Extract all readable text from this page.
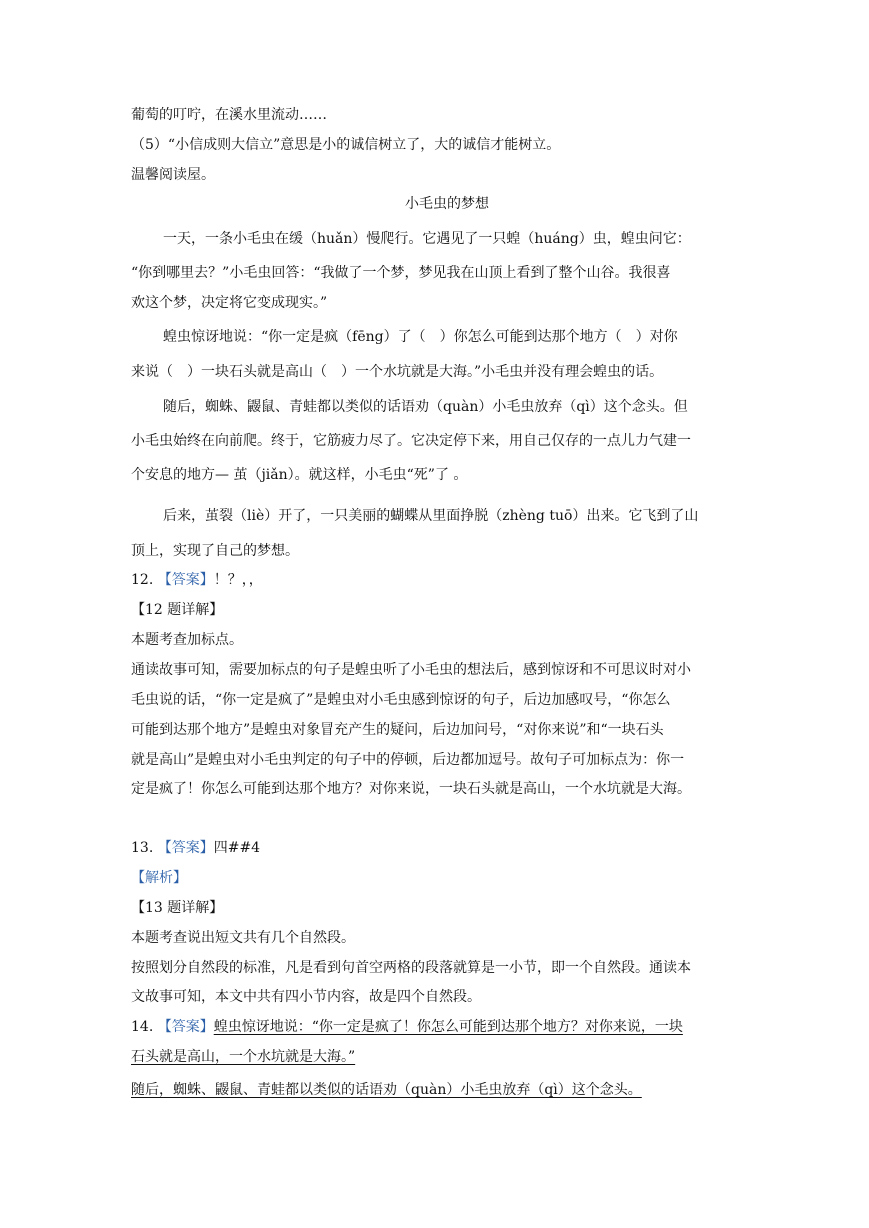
葡萄的叮咛，在溪水里流动……
（5）“小信成则大信立”意思是小的诚信树立了，大的诚信才能树立。
温馨阅读屋。
小毛虫的梦想
一天，一条小毛虫在缓（huǎn）慢爬行。它遇见了一只蝗（huáng）虫，蝗虫问它：
“你到哪里去？”小毛虫回答：“我做了一个梦，梦见我在山顶上看到了整个山谷。我很喜
欢这个梦，决定将它变成现实。”
蝗虫惊讶地说：“你一定是疯（fēng）了（　）你怎么可能到达那个地方（　）对你
来说（　）一块石头就是高山（　）一个水坑就是大海。”小毛虫并没有理会蝗虫的话。
随后，蜘蛛、鼹鼠、青蛙都以类似的话语劝（quàn）小毛虫放弃（qì）这个念头。但
小毛虫始终在向前爬。终于，它筋疲力尽了。它决定停下来，用自己仅存的一点儿力气建一
个安息的地方— 茧（jiǎn）。就这样，小毛虫“死”了 。
后来，茧裂（liè）开了，一只美丽的蝴蝶从里面挣脱（zhèng tuō）出来。它飞到了山
顶上，实现了自己的梦想。
12. 【答案】！？，，
【12 题详解】
本题考查加标点。
通读故事可知，需要加标点的句子是蝗虫听了小毛虫的想法后，感到惊讶和不可思议时对小
毛虫说的话，“你一定是疯了”是蝗虫对小毛虫感到惊讶的句子，后边加感叹号，“你怎么
可能到达那个地方”是蝗虫对象冒充产生的疑问，后边加问号，“对你来说”和“一块石头
就是高山”是蝗虫对小毛虫判定的句子中的停顿，后边都加逗号。故句子可加标点为：你一
定是疯了！你怎么可能到达那个地方？对你来说，一块石头就是高山，一个水坑就是大海。
13. 【答案】四##4
【解析】
【13 题详解】
本题考查说出短文共有几个自然段。
按照划分自然段的标准，凡是看到句首空两格的段落就算是一小节，即一个自然段。通读本
文故事可知，本文中共有四小节内容，故是四个自然段。
14. 【答案】蝗虫惊讶地说：“你一定是疯了！你怎么可能到达那个地方？对你来说，一块
石头就是高山，一个水坑就是大海。”
随后，蜘蛛、鼹鼠、青蛙都以类似的话语劝（quàn）小毛虫放弃（qì）这个念头。
